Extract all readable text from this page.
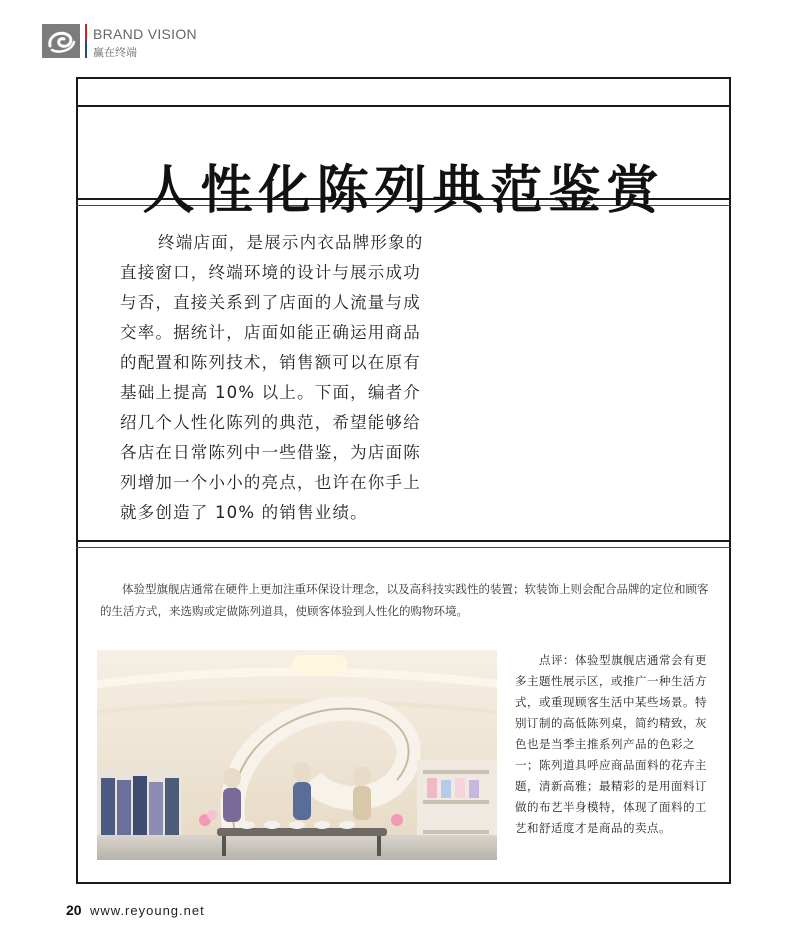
BRAND VISION
赢在终端
人性化陈列典范鉴赏

终端店面，是展示内衣品牌形象的直接窗口，终端环境的设计与展示成功与否，直接关系到了店面的人流量与成交率。据统计，店面如能正确运用商品的配置和陈列技术，销售额可以在原有基础上提高 10% 以上。下面，编者介绍几个人性化陈列的典范，希望能够给各店在日常陈列中一些借鉴，为店面陈列增加一个小小的亮点，也许在你手上就多创造了 10% 的销售业绩。

体验型旗舰店通常在硬件上更加注重环保设计理念，以及高科技实践性的装置；软装饰上则会配合品牌的定位和顾客的生活方式，来选购或定做陈列道具，使顾客体验到人性化的购物环境。

点评：体验型旗舰店通常会有更多主题性展示区，或推广一种生活方式，或重现顾客生活中某些场景。特别订制的高低陈列桌，简约精致，灰色也是当季主推系列产品的色彩之一；陈列道具呼应商品面料的花卉主题，清新高雅；最精彩的是用面料订做的布艺半身模特，体现了面料的工艺和舒适度才是商品的卖点。

20 www.reyoung.net
